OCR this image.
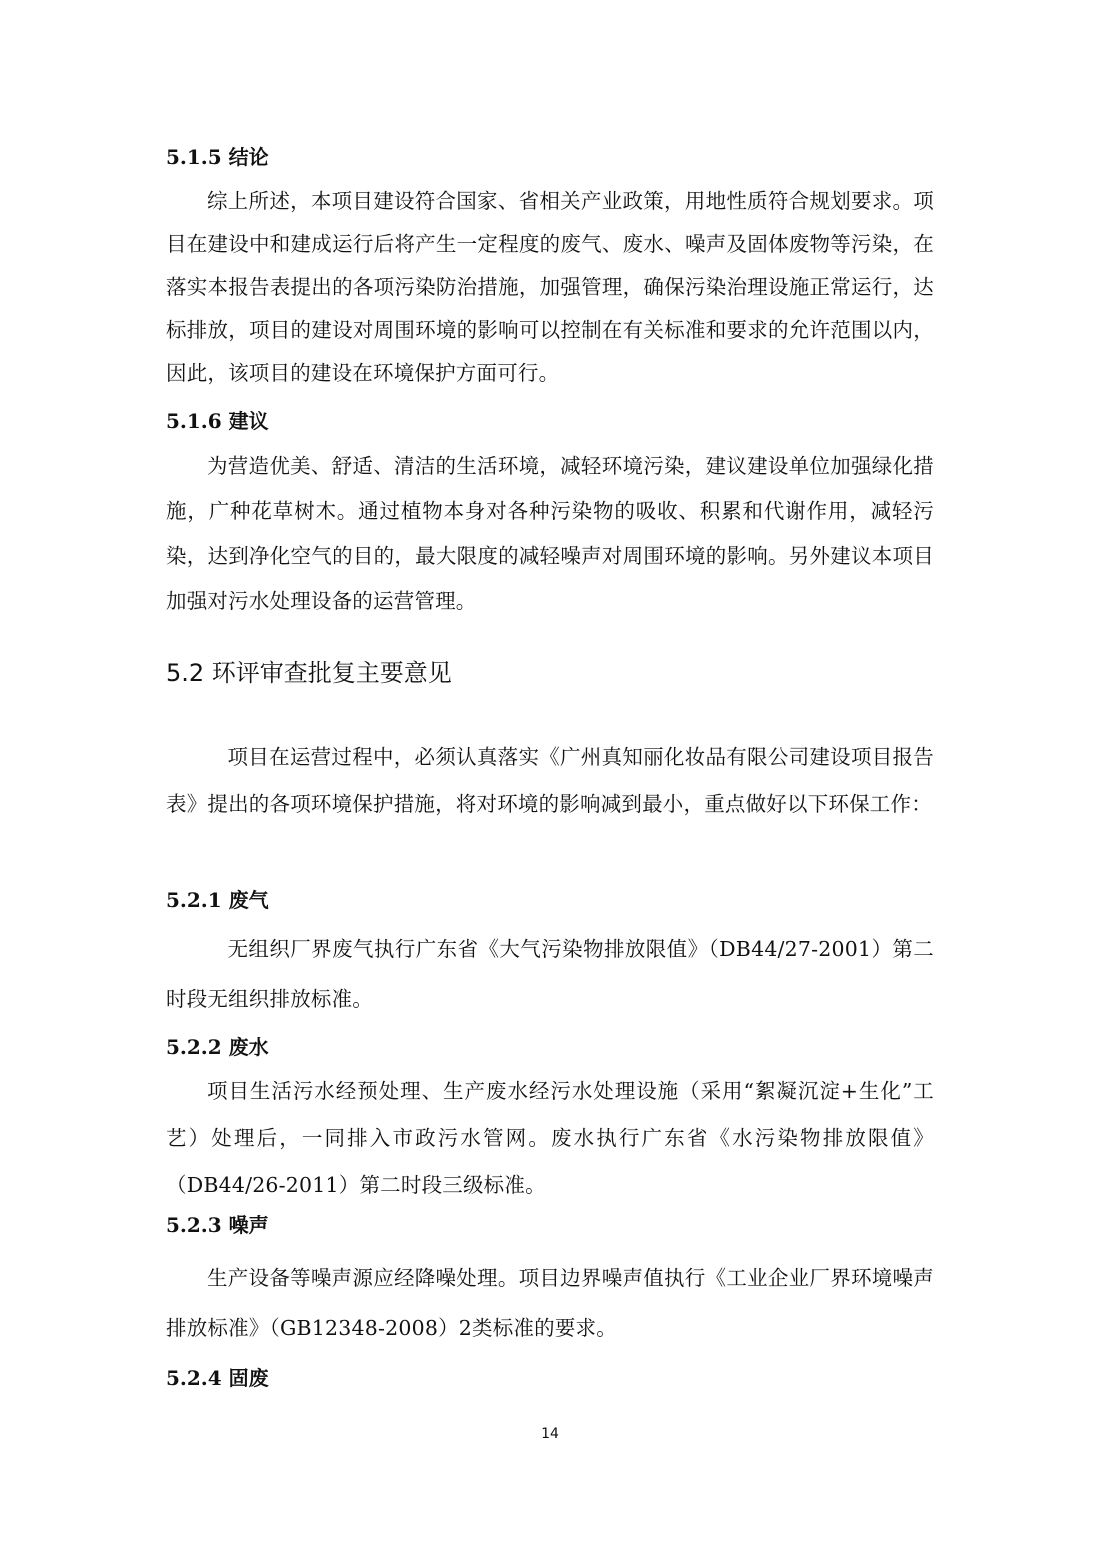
5.1.5 结论

综上所述，本项目建设符合国家、省相关产业政策，用地性质符合规划要求。项目在建设中和建成运行后将产生一定程度的废气、废水、噪声及固体废物等污染，在落实本报告表提出的各项污染防治措施，加强管理，确保污染治理设施正常运行，达标排放，项目的建设对周围环境的影响可以控制在有关标准和要求的允许范围以内，因此，该项目的建设在环境保护方面可行。

5.1.6 建议

为营造优美、舒适、清洁的生活环境，减轻环境污染，建议建设单位加强绿化措施，广种花草树木。通过植物本身对各种污染物的吸收、积累和代谢作用，减轻污染，达到净化空气的目的，最大限度的减轻噪声对周围环境的影响。另外建议本项目加强对污水处理设备的运营管理。

5.2 环评审查批复主要意见

项目在运营过程中，必须认真落实《广州真知丽化妆品有限公司建设项目报告表》提出的各项环境保护措施，将对环境的影响减到最小，重点做好以下环保工作：

5.2.1 废气

无组织厂界废气执行广东省《大气污染物排放限值》（DB44/27-2001）第二时段无组织排放标准。

5.2.2 废水

项目生活污水经预处理、生产废水经污水处理设施（采用“絮凝沉淀+生化”工艺）处理后，一同排入市政污水管网。废水执行广东省《水污染物排放限值》（DB44/26-2011）第二时段三级标准。

5.2.3 噪声

生产设备等噪声源应经降噪处理。项目边界噪声值执行《工业企业厂界环境噪声排放标准》（GB12348-2008）2类标准的要求。

5.2.4 固废
14
